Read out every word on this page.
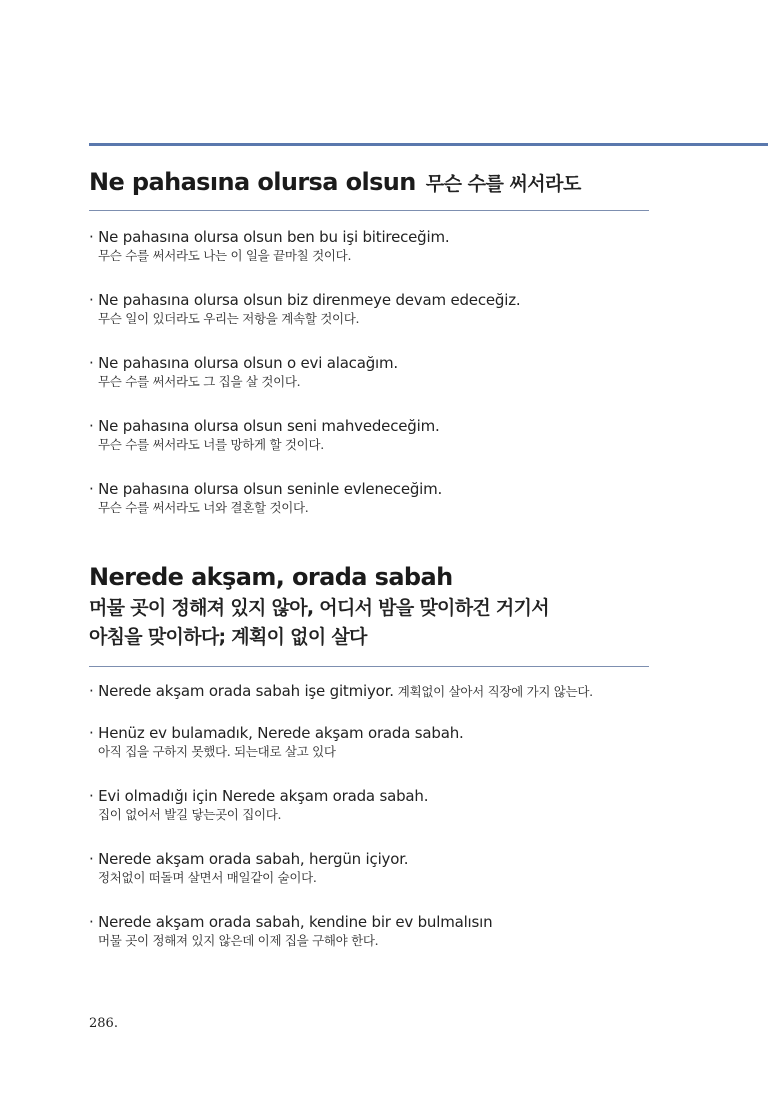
Ne pahasına olursa olsun 무슨 수를 써서라도
· Ne pahasına olursa olsun ben bu işi bitireceğim.
무슨 수를 써서라도 나는 이 일을 끝마칠 것이다.
· Ne pahasına olursa olsun biz direnmeye devam edeceğiz.
무슨 일이 있더라도 우리는 저항을 계속할 것이다.
· Ne pahasına olursa olsun o evi alacağım.
무슨 수를 써서라도 그 집을 살 것이다.
· Ne pahasına olursa olsun seni mahvedeceğim.
무슨 수를 써서라도 너를 망하게 할 것이다.
· Ne pahasına olursa olsun seninle evleneceğim.
무슨 수를 써서라도 너와 결혼할 것이다.
Nerede akşam, orada sabah
머물 곳이 정해져 있지 않아, 어디서 밤을 맞이하건 거기서
아침을 맞이하다; 계획이 없이 살다
· Nerede akşam orada sabah işe gitmiyor. 계획없이 살아서 직장에 가지 않는다.
· Henüz ev bulamadık, Nerede akşam orada sabah.
아직 집을 구하지 못했다. 되는대로 살고 있다
· Evi olmadığı için Nerede akşam orada sabah.
집이 없어서 발길 닿는곳이 집이다.
· Nerede akşam orada sabah, hergün içiyor.
정처없이 떠돌며 살면서 매일같이 술이다.
· Nerede akşam orada sabah, kendine bir ev bulmalısın
머물 곳이 정해져 있지 않은데 이제 집을 구해야 한다.
286.
